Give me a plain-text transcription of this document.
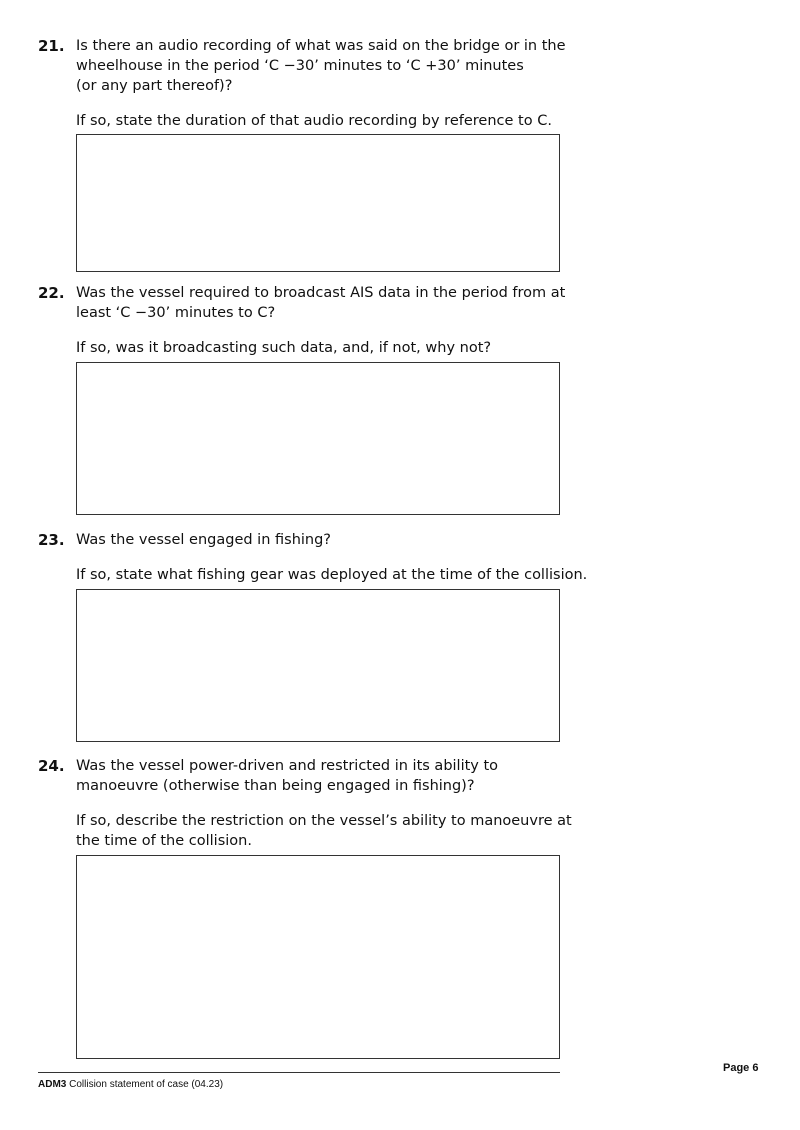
21. Is there an audio recording of what was said on the bridge or in the
wheelhouse in the period ‘C −30’ minutes to ‘C +30’ minutes
(or any part thereof)?

If so, state the duration of that audio recording by reference to C.

22. Was the vessel required to broadcast AIS data in the period from at
least ‘C −30’ minutes to C?

If so, was it broadcasting such data, and, if not, why not?

23. Was the vessel engaged in fishing?

If so, state what fishing gear was deployed at the time of the collision.

24. Was the vessel power-driven and restricted in its ability to
manoeuvre (otherwise than being engaged in fishing)?

If so, describe the restriction on the vessel’s ability to manoeuvre at
the time of the collision.

ADM3 Collision statement of case (04.23)
Page 6
